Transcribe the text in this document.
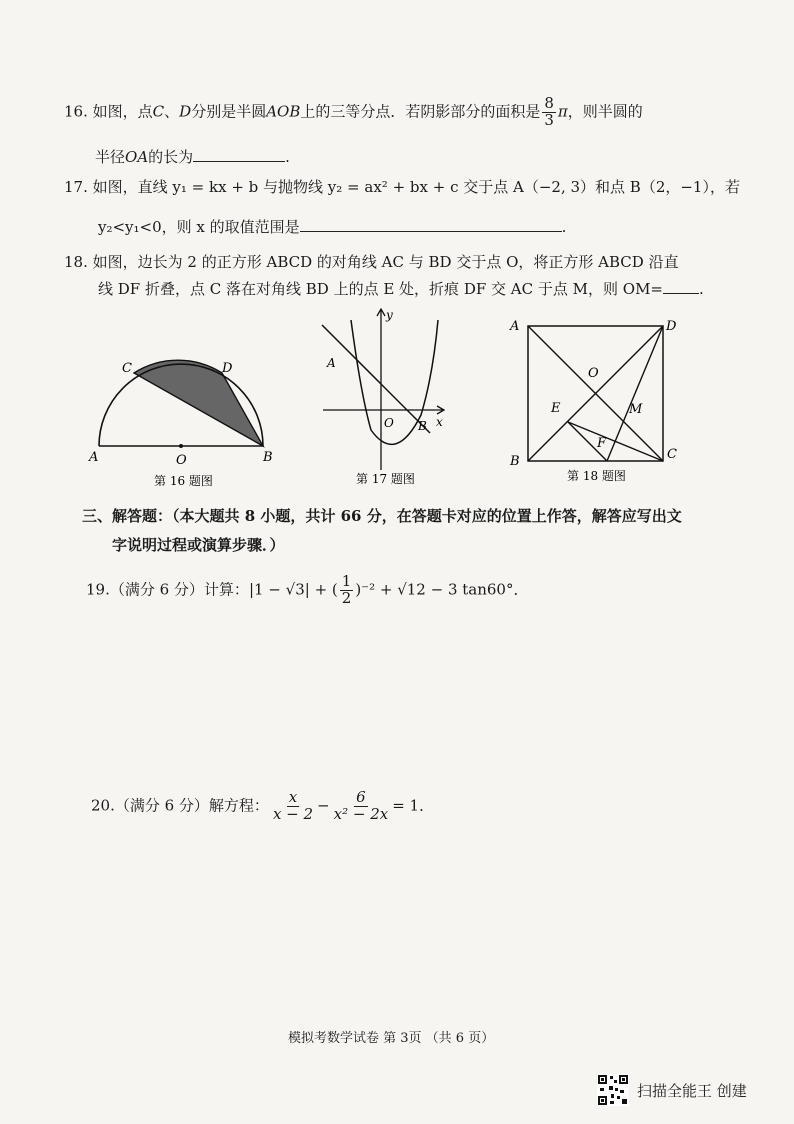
16. 如图，点C、D分别是半圆AOB上的三等分点．若阴影部分的面积是 $\frac{8}{3}$ π，则半圆的
半径OA的长为	.
17. 如图，直线 y₁ = kx + b 与抛物线 y₂ = ax² + bx + c 交于点 A（−2, 3）和点 B（2，−1），若
y₂<y₁<0，则 x 的取值范围是	.
18. 如图，边长为 2 的正方形 ABCD 的对角线 AC 与 BD 交于点 O，将正方形 ABCD 沿直
线 DF 折叠，点 C 落在对角线 BD 上的点 E 处，折痕 DF 交 AC 于点 M，则 OM= .
A	O	B
C	D
第 16 题图
y
x
A
O B
第 17 题图
A	D
B	C
O
E	M
F
第 18 题图
三、解答题：（本大题共 8 小题，共计 66 分，在答题卡对应的位置上作答，解答应写出文
字说明过程或演算步骤．）
19.（满分 6 分）计算：|1 − √3| + ( $\frac{1}{2} )^{-2} + √12 - 3$ tan60°．
20.（满分 6 分）解方程： $\frac{x}{x - 2} - \frac{6}{\text{x² − 2x}} = 1$．
模拟考数学试卷 第 3页 （共 6 页）
扫描全能王 创建
